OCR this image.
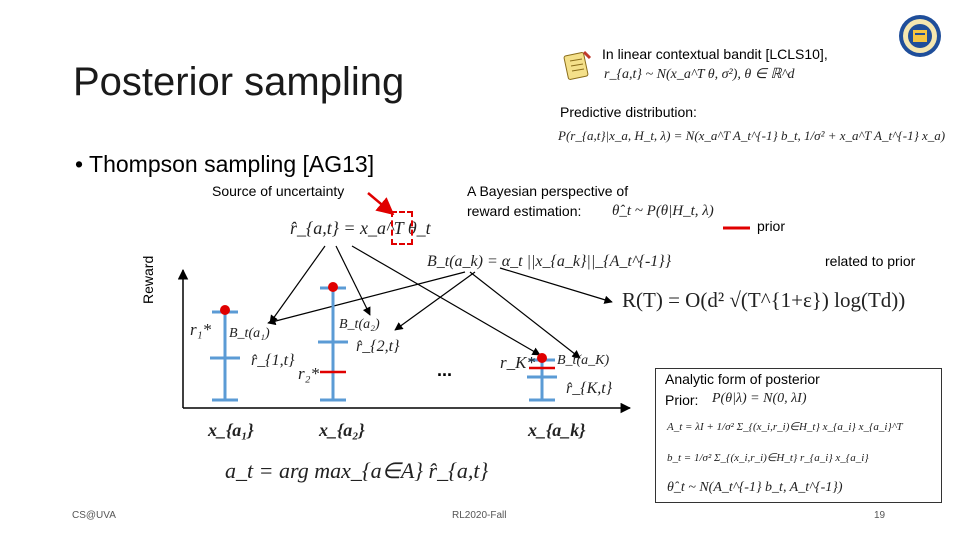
Posterior sampling
• Thompson sampling [AG13]
In linear contextual bandit [LCLS10],
r_{a,t} ~ N(x_a^T θ, σ²), θ ∈ ℝ^d
Predictive distribution:
P(r_{a,t}|x_a, H_t, λ) = N(x_a^T A_t^{-1} b_t, 1/σ² + x_a^T A_t^{-1} x_a)
Source of uncertainty	A Bayesian perspective of
reward estimation: θ̂_t ~ P(θ|H_t, λ)
prior
related to prior
r̂_{a,t} = x_a^T θ_t
B_t(a_k) = α_t ||x_{a_k}||_{A_t^{-1}}
R(T) = O(d² √(T^{1+ε}) log(Td))
a_t = arg max_{a∈A} r̂_{a,t}
Reward
...
r₁* B_t(a₁)
r̂_{1,t}
x_{a₁}
B_t(a₂)
r̂_{2,t}
r₂*
x_{a₂}
r_K* B_t(a_K)
r̂_{K,t}
x_{a_k}
Analytic form of posterior
Prior: P(θ|λ) = N(0, λI)
A_t = λI + 1/σ² Σ_{(x_i,r_i)∈H_t} x_{a_i} x_{a_i}^T
b_t = 1/σ² Σ_{(x_i,r_i)∈H_t} r_{a_i} x_{a_i}
θ̂_t ~ N(A_t^{-1} b_t, A_t^{-1})
CS@UVA	RL2020-Fall	19
